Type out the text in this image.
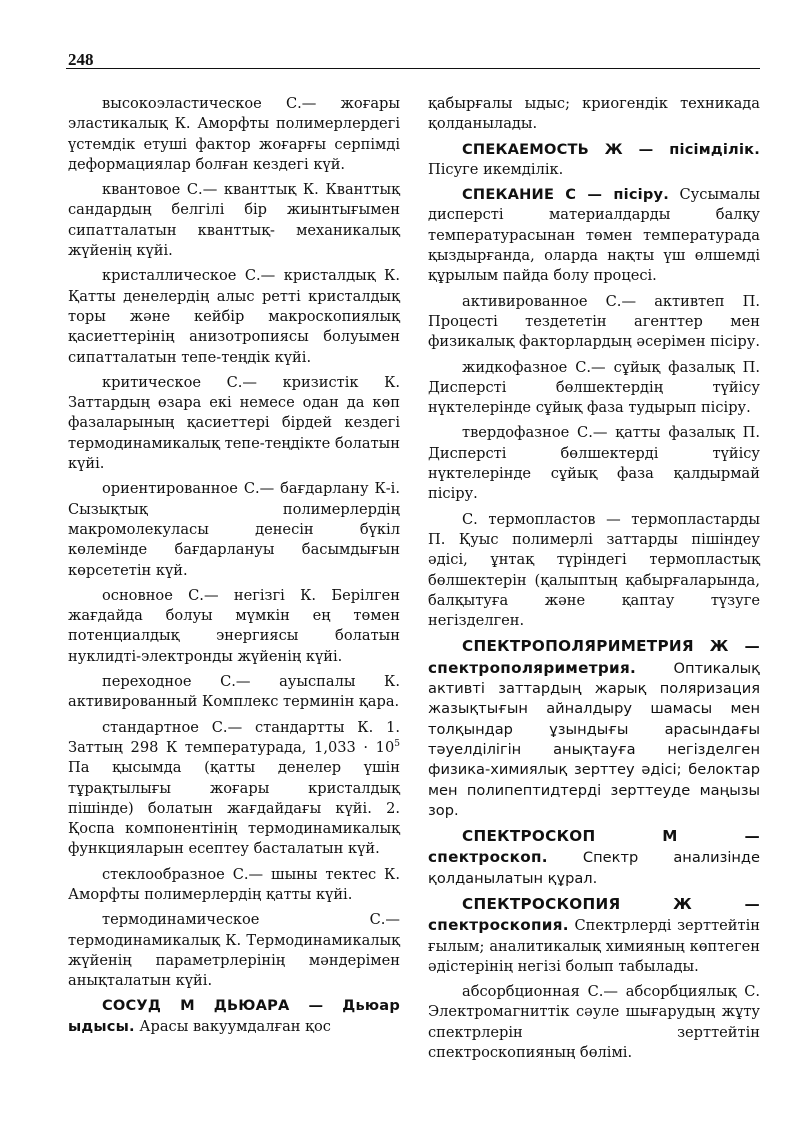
248

высокоэластическое С.— жоғары эластикалық К. Аморфты полимерлердегі үстемдік етуші фактор жоғарғы серпімді деформациялар болған кездегі күй.

квантовое С.— кванттық К. Кванттық сандардың белгілі бір жиынтығымен сипатталатын кванттық- механикалық жүйенің күйі.

кристаллическое С.— кристалдық К. Қатты денелердің алыс ретті кристалдық торы және кейбір макроскопиялық қасиеттерінің анизотропиясы болуымен сипатталатын тепе-теңдік күйі.

критическое С.— кризистік К. Заттардың өзара екі немесе одан да көп фазаларының қасиеттері бірдей кездегі термодинамикалық тепе-теңдікте болатын күйі.

ориентированное С.— бағдарлану К-і. Сызықтық полимерлердің макромолекуласы денесін бүкіл көлемінде бағдарлануы басымдығын көрсететін күй.

основное С.— негізгі К. Берілген жағдайда болуы мүмкін ең төмен потенциалдық энергиясы болатын нуклидті-электронды жүйенің күйі.

переходное С.— ауыспалы К. активированный Комплекс терминін қара.

стандартное С.— стандартты К. 1. Заттың 298 К температурада, $1,033 \cdot 10^5$ Па қысымда (қатты денелер үшін тұрақтылығы жоғары кристалдық пішінде) болатын жағдайдағы күйі. 2. Қоспа компонентінің термодинамикалық функцияларын есептеу басталатын күй.

стеклообразное С.— шыны тектес К. Аморфты полимерлердің қатты күйі.

термодинамическое С.— термодинамикалық К. Термодинамикалық жүйенің параметрлерінің мәндерімен анықталатын күйі.

СОСУД М ДЬЮАРА — Дьюар ыдысы. Арасы вакуумдалған қос

қабырғалы ыдыс; криогендік техникада қолданылады.

СПЕКАЕМОСТЬ Ж — пісімділік. Пісуге икемділік.

СПЕКАНИЕ С — пісіру. Сусымалы дисперсті материалдарды балқу температурасынан төмен температурада қыздырғанда, оларда нақты үш өлшемді құрылым пайда болу процесі.

активированное С.— активтеп П. Процесті тездететін агенттер мен физикалық факторлардың әсерімен пісіру.

жидкофазное С.— сұйық фазалық П. Дисперсті бөлшектердің түйісу нүктелерінде сұйық фаза тудырып пісіру.

твердофазное С.— қатты фазалық П. Дисперсті бөлшектерді түйісу нүктелерінде сұйық фаза қалдырмай пісіру.

С. термопластов — термопластарды П. Қуыс полимерлі заттарды пішіндеу әдісі, ұнтақ түріндегі термопластық бөлшектерін (қалыптың қабырғаларында, балқытуға және қаптау түзуге негізделген.

СПЕКТРОПОЛЯРИМЕТРИЯ Ж — спектрополяриметрия. Оптикалық активті заттардың жарық поляризация жазықтығын айналдыру шамасы мен толқындар ұзындығы арасындағы тәуелділігін анықтауға негізделген физика-химиялық зерттеу әдісі; белоктар мен полипептидтерді зерттеуде маңызы зор.

СПЕКТРОСКОП М — спектроскоп. Спектр анализінде қолданылатын құрал.

СПЕКТРОСКОПИЯ Ж — спектроскопия. Спектрлерді зерттейтін ғылым; аналитикалық химияның көптеген әдістерінің негізі болып табылады.

абсорбционная С.— абсорбциялық С. Электромагниттік сәуле шығарудың жұту спектрлерін зерттейтін спектроскопияның бөлімі.
